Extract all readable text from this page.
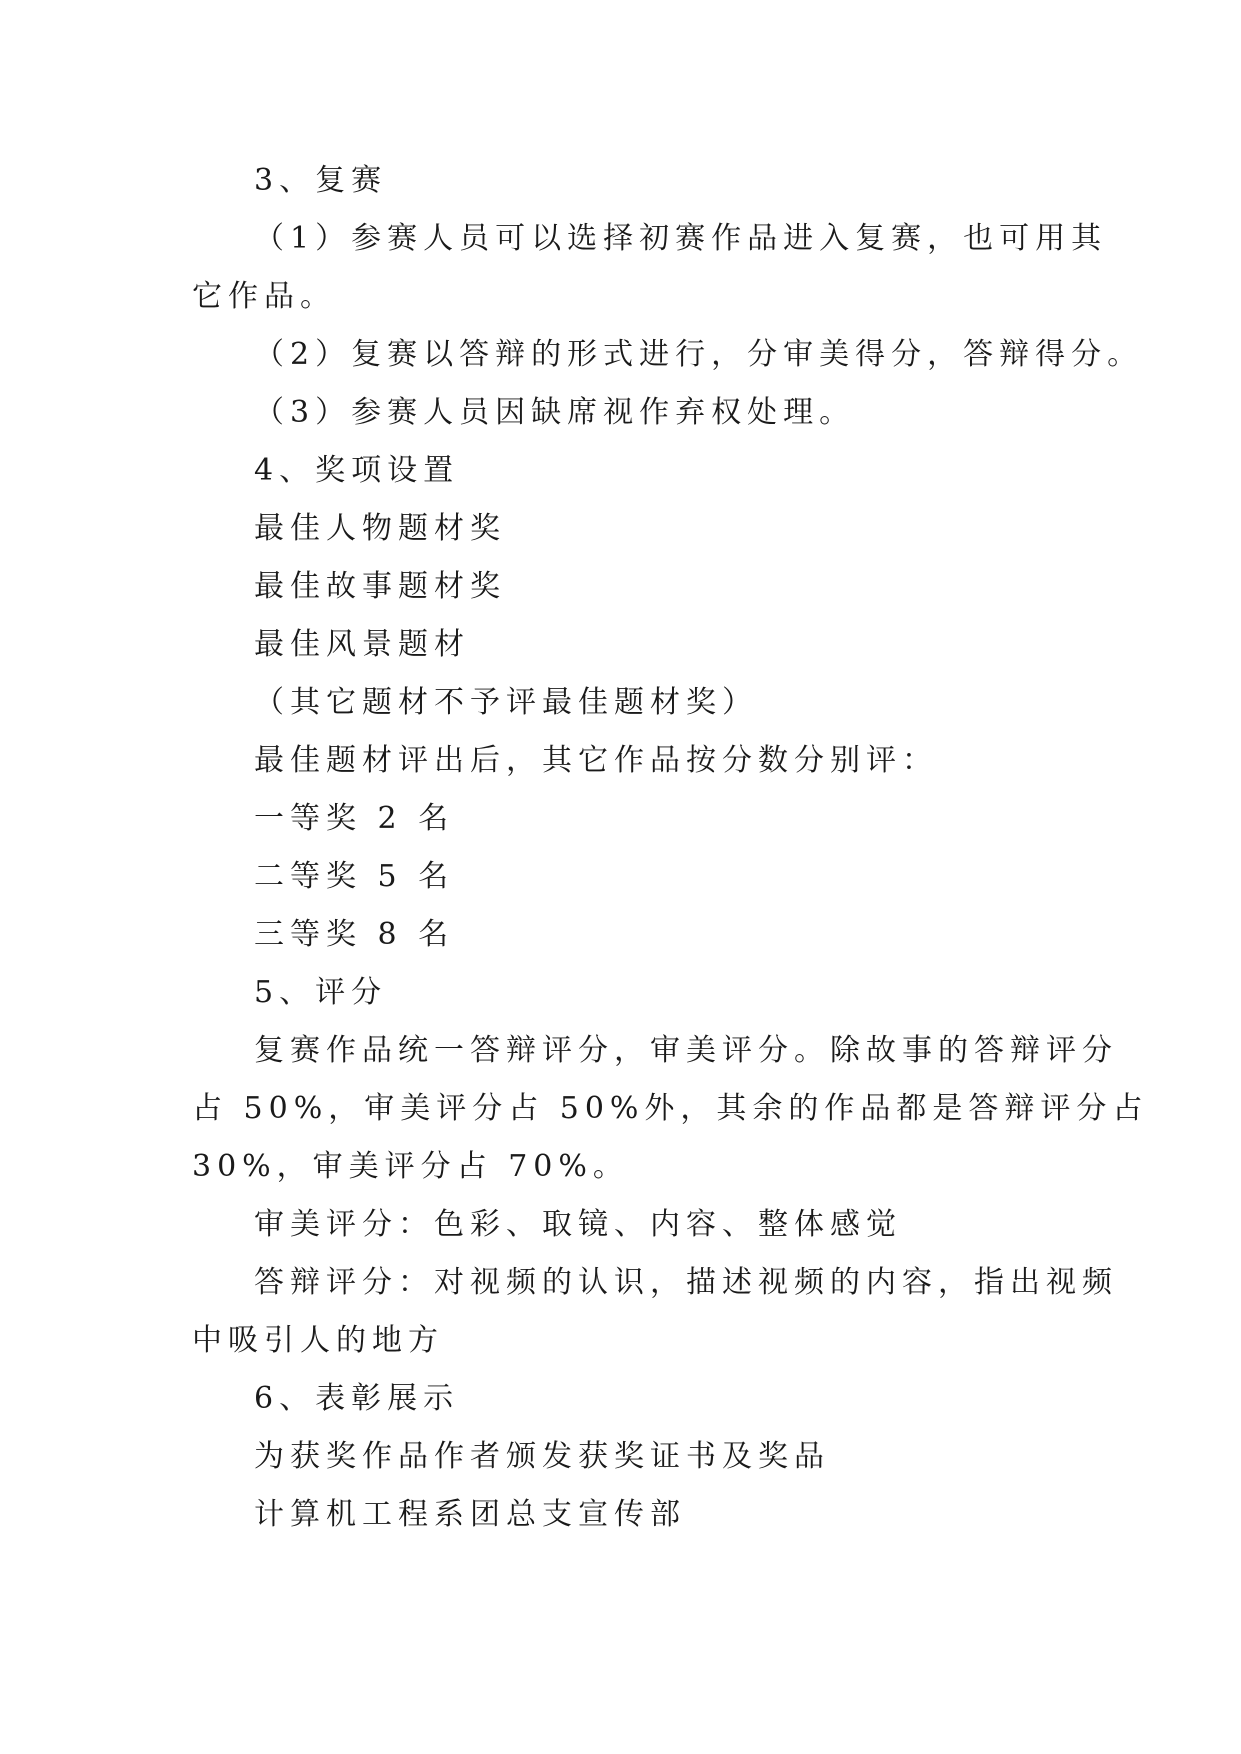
3、复赛

（1）参赛人员可以选择初赛作品进入复赛，也可用其

它作品。

（2）复赛以答辩的形式进行，分审美得分，答辩得分。

（3）参赛人员因缺席视作弃权处理。

4、奖项设置

最佳人物题材奖

最佳故事题材奖

最佳风景题材

（其它题材不予评最佳题材奖）

最佳题材评出后，其它作品按分数分别评：

一等奖 2 名

二等奖 5 名

三等奖 8 名

5、评分

复赛作品统一答辩评分，审美评分。除故事的答辩评分

占 50%，审美评分占 50%外，其余的作品都是答辩评分占

30%，审美评分占 70%。

审美评分：色彩、取镜、内容、整体感觉

答辩评分：对视频的认识，描述视频的内容，指出视频

中吸引人的地方

6、表彰展示

为获奖作品作者颁发获奖证书及奖品

计算机工程系团总支宣传部
